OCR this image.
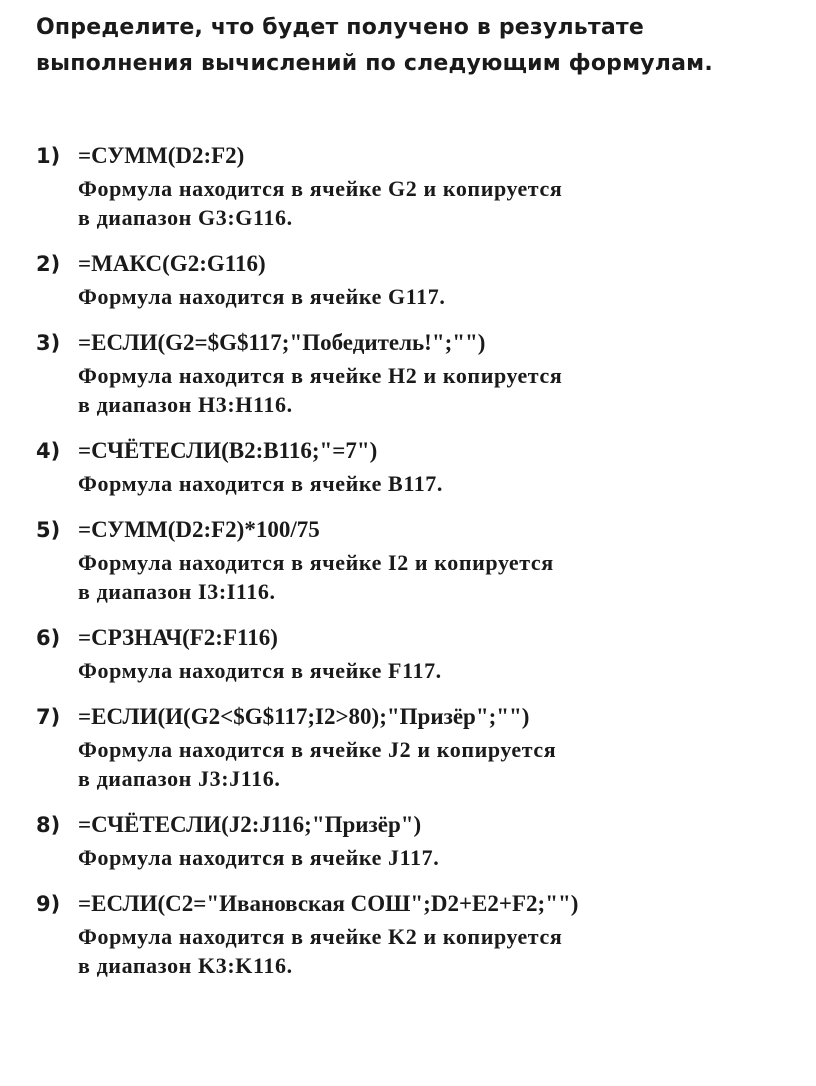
Определите, что будет получено в результате выполнения вычислений по следующим формулам.

1) =СУММ(D2:F2)
Формула находится в ячейке G2 и копируется
в диапазон G3:G116.
2) =МАКС(G2:G116)
Формула находится в ячейке G117.
3) =ЕСЛИ(G2=$G$117;"Победитель!";"")
Формула находится в ячейке H2 и копируется
в диапазон H3:H116.
4) =СЧЁТЕСЛИ(B2:B116;"=7")
Формула находится в ячейке B117.
5) =СУММ(D2:F2)*100/75
Формула находится в ячейке I2 и копируется
в диапазон I3:I116.
6) =СРЗНАЧ(F2:F116)
Формула находится в ячейке F117.
7) =ЕСЛИ(И(G2<$G$117;I2>80);"Призёр";"")
Формула находится в ячейке J2 и копируется
в диапазон J3:J116.
8) =СЧЁТЕСЛИ(J2:J116;"Призёр")
Формула находится в ячейке J117.
9) =ЕСЛИ(C2="Ивановская СОШ";D2+E2+F2;"")
Формула находится в ячейке K2 и копируется
в диапазон K3:K116.
